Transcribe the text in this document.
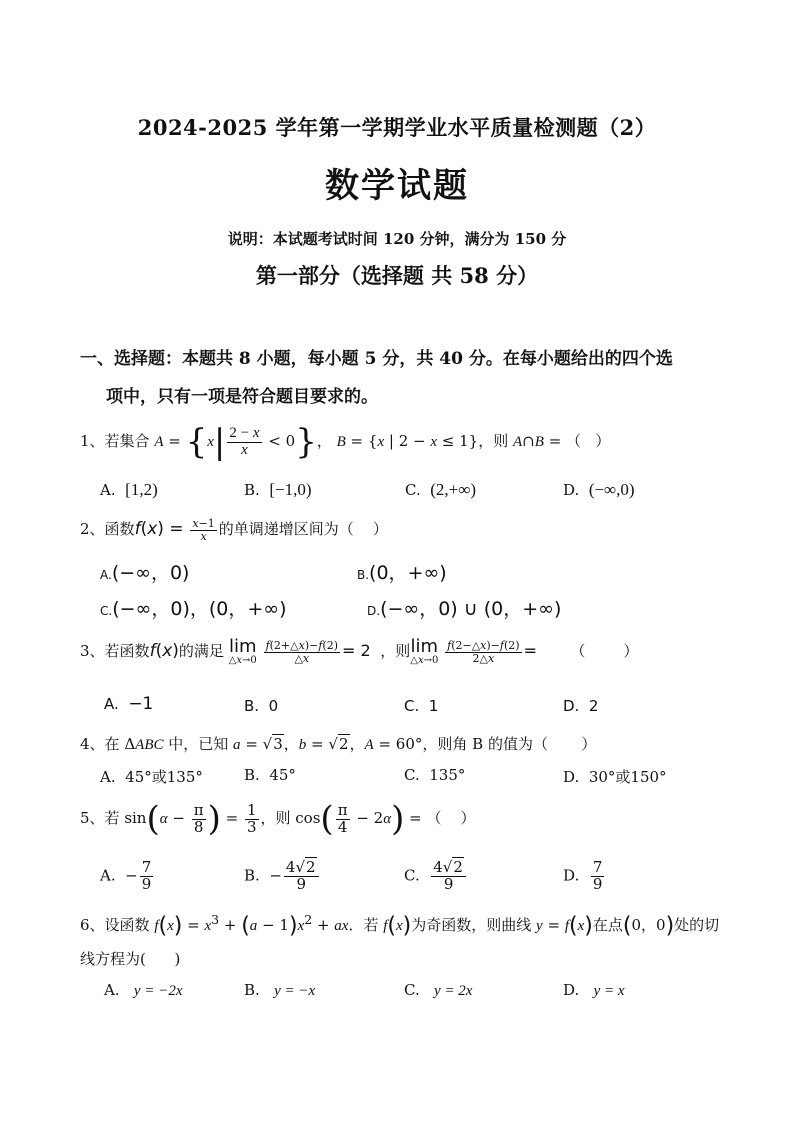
2024-2025 学年第一学期学业水平质量检测题（2）
数学试题
说明：本试题考试时间 120 分钟，满分为 150 分
第一部分（选择题 共 58 分）
一、选择题：本题共 8 小题，每小题 5 分，共 40 分。在每小题给出的四个选
项中，只有一项是符合题目要求的。
1、若集合 $A = \{x| \frac{2 - x}{x} < 0\}$， B = {x | 2 − x ≤ 1}，则 A∩B = （   ）
A. [1,2)	B. [−1,0)	C. (2,+∞)	D. (−∞,0)
2、函数$f(x) = \frac{x-1}{x}$ 的单调递增区间为（    ）
A.(−∞，0)	B.(0，+∞)
C.(−∞，0)，(0，+∞)	D.(−∞，0) ∪ (0，+∞)
3、若函数f(x)的满足 lim
△x→0
$\frac{f(2+\triangle x)-f(2)}{\triangle x} = 2$  ，则 lim
△x→0
$\frac{f(2-\triangle x)-f(2)}{2\triangle x}$ =       （        ）
A. −1	B. 0	C. 1	D. 2
4、在 ΔABC 中，已知 a = √3，b = √2，A = 60°，则角 B 的值为（       ）
A. 45°或135°	B. 45°	C. 135°	D. 30°或150°
5、若 $\sin(\alpha - \frac{\pi}{8}$ ) = $\frac{1}{3}$ ，则 $\cos( \frac{\pi}{4} - 2\alpha)$ = （    ）
A.  − $\frac{7}{9}$	B.  − $\frac{4√2}{9}$	C. $\frac{4√2}{9}$	D. $\frac{7}{9}$
6、设函数 $f(x) = x^3 + (a - 1)x^2$ + ax．若 f(x)为奇函数，则曲线 y = f(x)在点(0，0)处的切
线方程为(      )
A. y = −2x	B. y = −x	C. y = 2x	D. y = x
